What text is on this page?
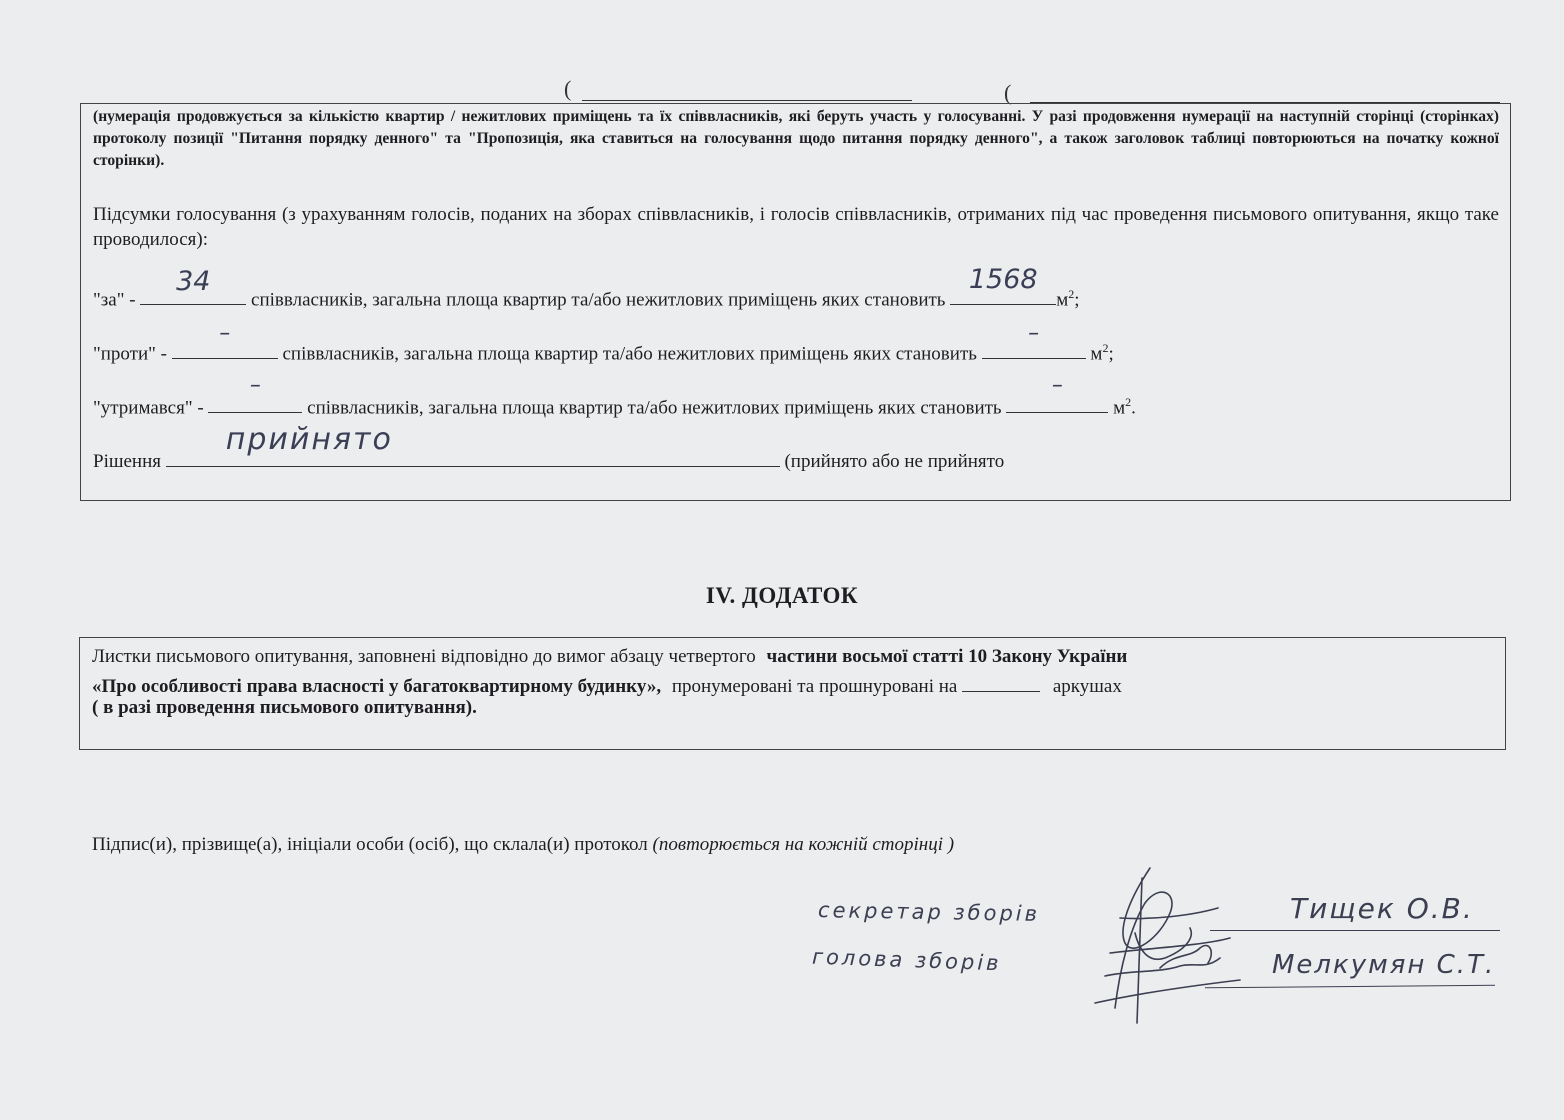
(	(
(нумерація продовжується за кількістю квартир / нежитлових приміщень та їх співвласників, які беруть участь у голосуванні. У разі продовження нумерації на наступній сторінці (сторінках) протоколу позиції "Питання порядку денного" та "Пропозиція, яка ставиться на голосування щодо питання порядку денного", а також заголовок таблиці повторюються на початку кожної сторінки).
Підсумки голосування (з урахуванням голосів, поданих на зборах співвласників, і голосів співвласників, отриманих під час проведення письмового опитування, якщо таке проводилося):
"за" -
34
співвласників, загальна площа квартир та/або нежитлових приміщень яких становить
1568
$м^2$;
"проти" -
–
співвласників, загальна площа квартир та/або нежитлових приміщень яких становить
–
$м^2$;
"утримався" -
–
співвласників, загальна площа квартир та/або нежитлових приміщень яких становить
–
$м^2$.
Рішення
прийнято
(прийнято або не прийнято
IV. ДОДАТОК
Листки письмового опитування, заповнені відповідно до вимог абзацу четвертого частини восьмої статті 10 Закону України
«Про особливості права власності у багатоквартирному будинку», пронумеровані та прошнуровані на	аркушах
( в разі проведення письмового опитування).
Підпис(и), прізвище(а), ініціали особи (осіб), що склала(и) протокол (повторюється на кожній сторінці )
секретар зборів	Тищек О.В.
голова зборів	Мелкумян С.Т.
